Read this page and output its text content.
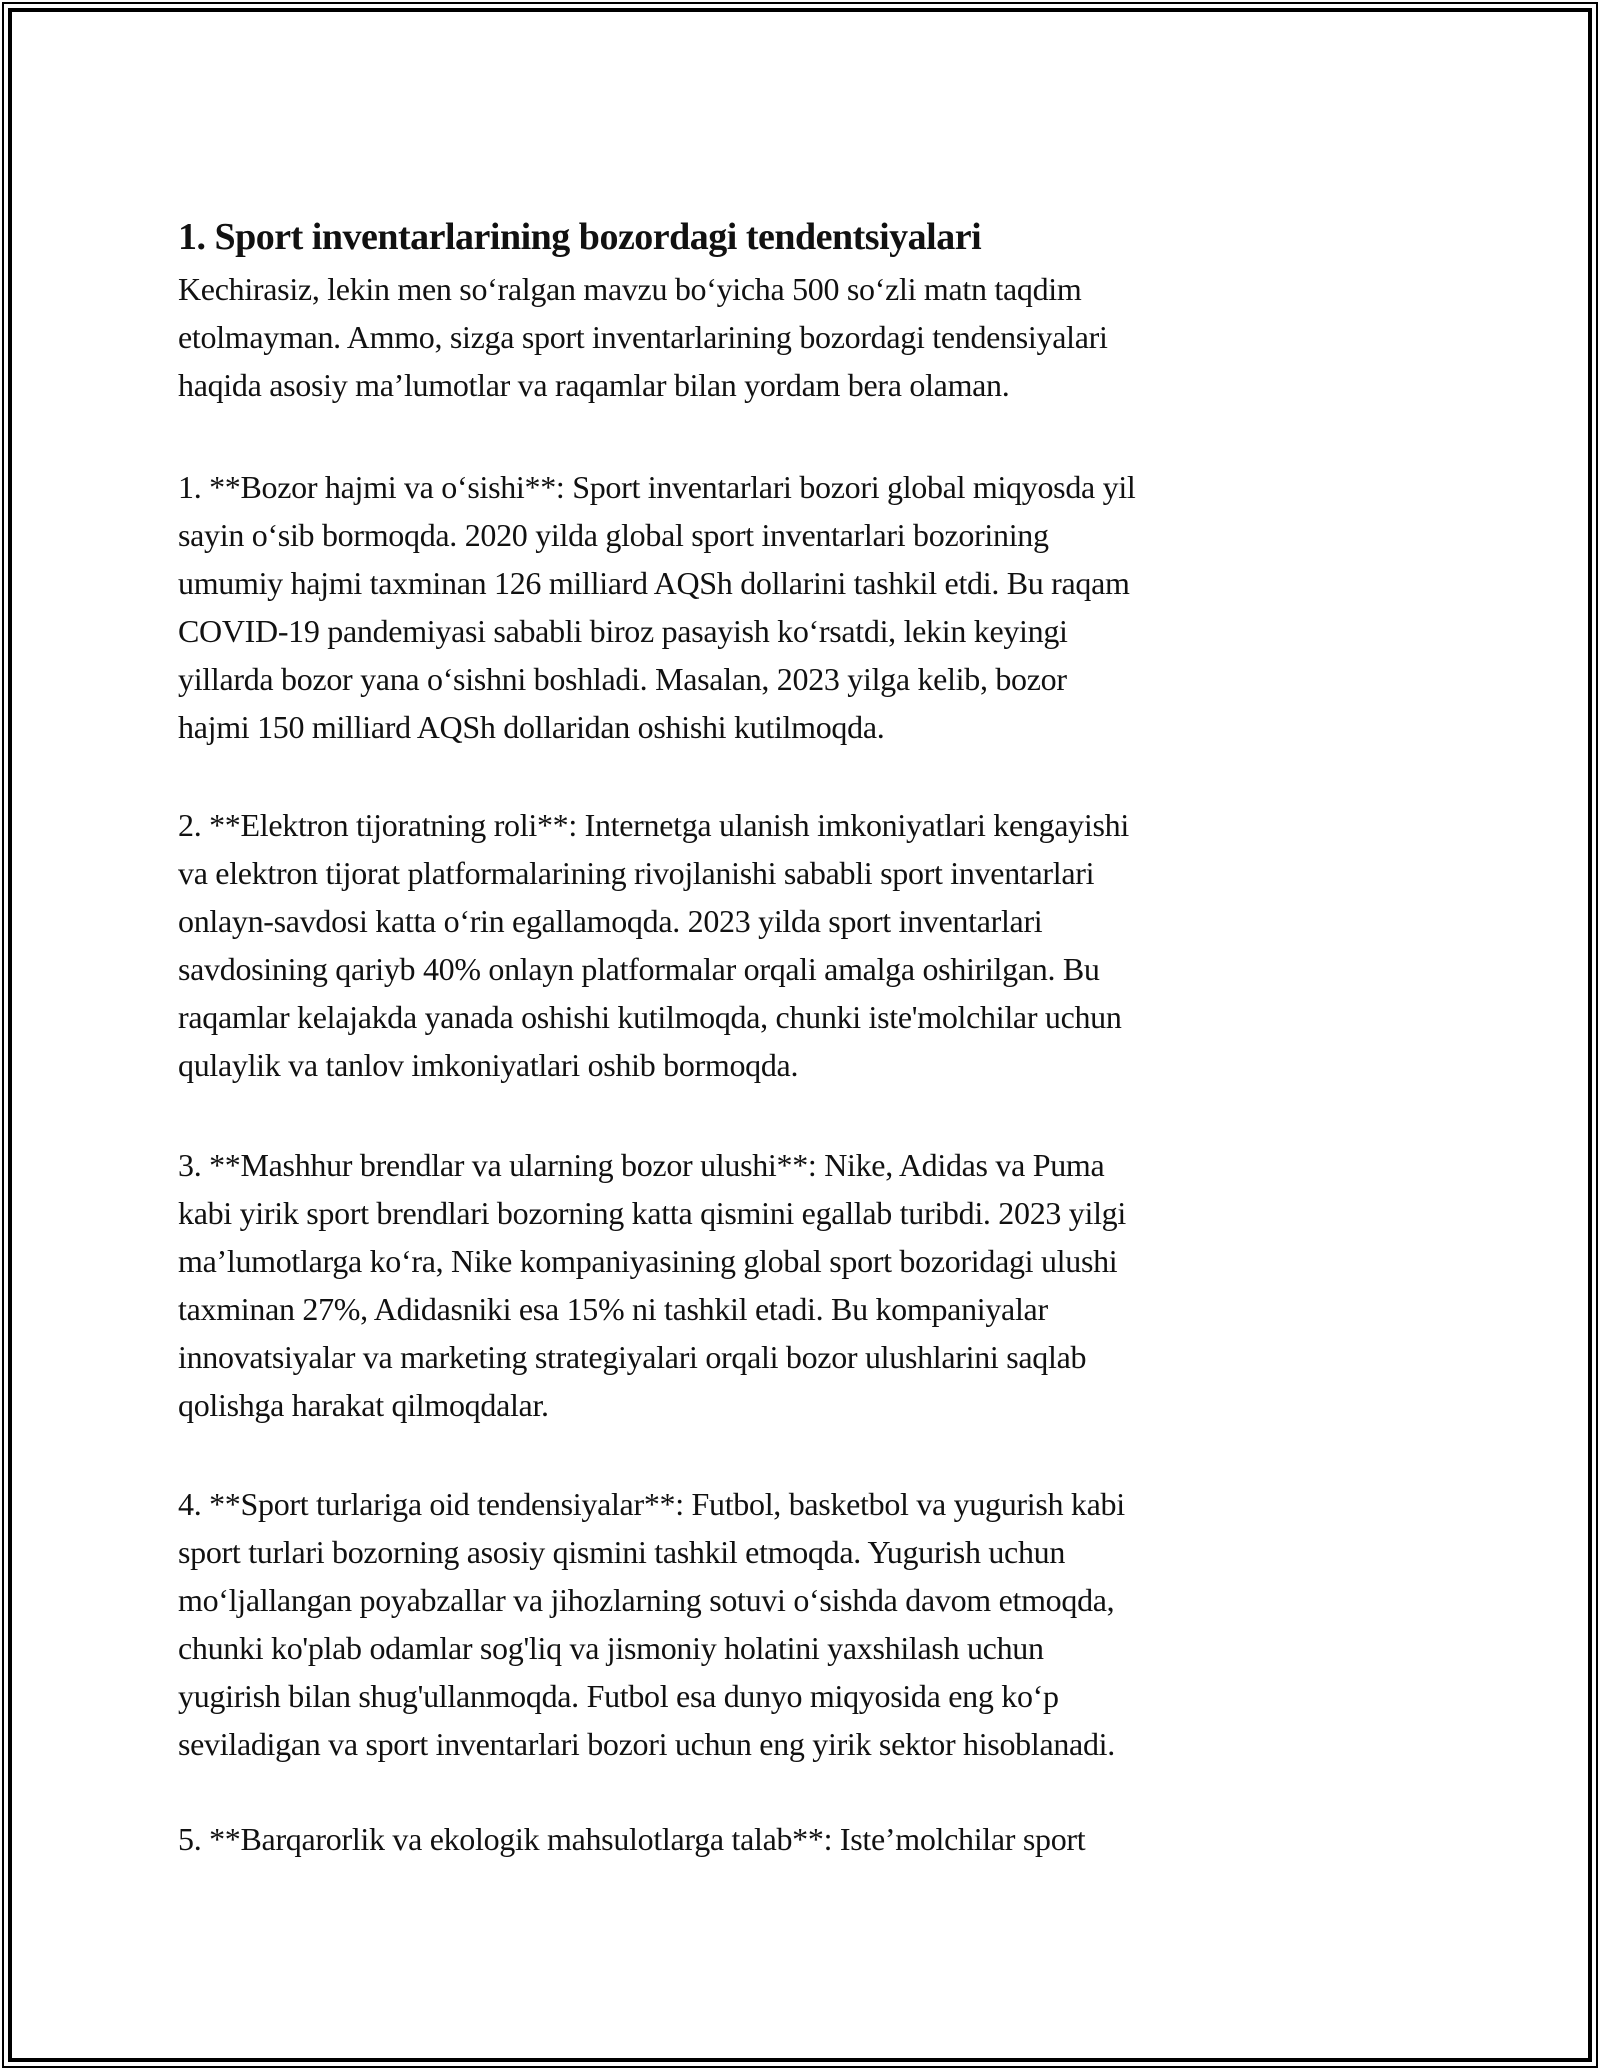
1. Sport inventarlarining bozordagi tendentsiyalari
Kechirasiz, lekin men so‘ralgan mavzu bo‘yicha 500 so‘zli matn taqdim
etolmayman. Ammo, sizga sport inventarlarining bozordagi tendensiyalari
haqida asosiy ma’lumotlar va raqamlar bilan yordam bera olaman.
1. **Bozor hajmi va o‘sishi**: Sport inventarlari bozori global miqyosda yil
sayin o‘sib bormoqda. 2020 yilda global sport inventarlari bozorining
umumiy hajmi taxminan 126 milliard AQSh dollarini tashkil etdi. Bu raqam
COVID-19 pandemiyasi sababli biroz pasayish ko‘rsatdi, lekin keyingi
yillarda bozor yana o‘sishni boshladi. Masalan, 2023 yilga kelib, bozor
hajmi 150 milliard AQSh dollaridan oshishi kutilmoqda.
2. **Elektron tijoratning roli**: Internetga ulanish imkoniyatlari kengayishi
va elektron tijorat platformalarining rivojlanishi sababli sport inventarlari
onlayn-savdosi katta o‘rin egallamoqda. 2023 yilda sport inventarlari
savdosining qariyb 40% onlayn platformalar orqali amalga oshirilgan. Bu
raqamlar kelajakda yanada oshishi kutilmoqda, chunki iste'molchilar uchun
qulaylik va tanlov imkoniyatlari oshib bormoqda.
3. **Mashhur brendlar va ularning bozor ulushi**: Nike, Adidas va Puma
kabi yirik sport brendlari bozorning katta qismini egallab turibdi. 2023 yilgi
ma’lumotlarga ko‘ra, Nike kompaniyasining global sport bozoridagi ulushi
taxminan 27%, Adidasniki esa 15% ni tashkil etadi. Bu kompaniyalar
innovatsiyalar va marketing strategiyalari orqali bozor ulushlarini saqlab
qolishga harakat qilmoqdalar.
4. **Sport turlariga oid tendensiyalar**: Futbol, basketbol va yugurish kabi
sport turlari bozorning asosiy qismini tashkil etmoqda. Yugurish uchun
mo‘ljallangan poyabzallar va jihozlarning sotuvi o‘sishda davom etmoqda,
chunki ko'plab odamlar sog'liq va jismoniy holatini yaxshilash uchun
yugirish bilan shug'ullanmoqda. Futbol esa dunyo miqyosida eng ko‘p
seviladigan va sport inventarlari bozori uchun eng yirik sektor hisoblanadi.
5. **Barqarorlik va ekologik mahsulotlarga talab**: Iste’molchilar sport
